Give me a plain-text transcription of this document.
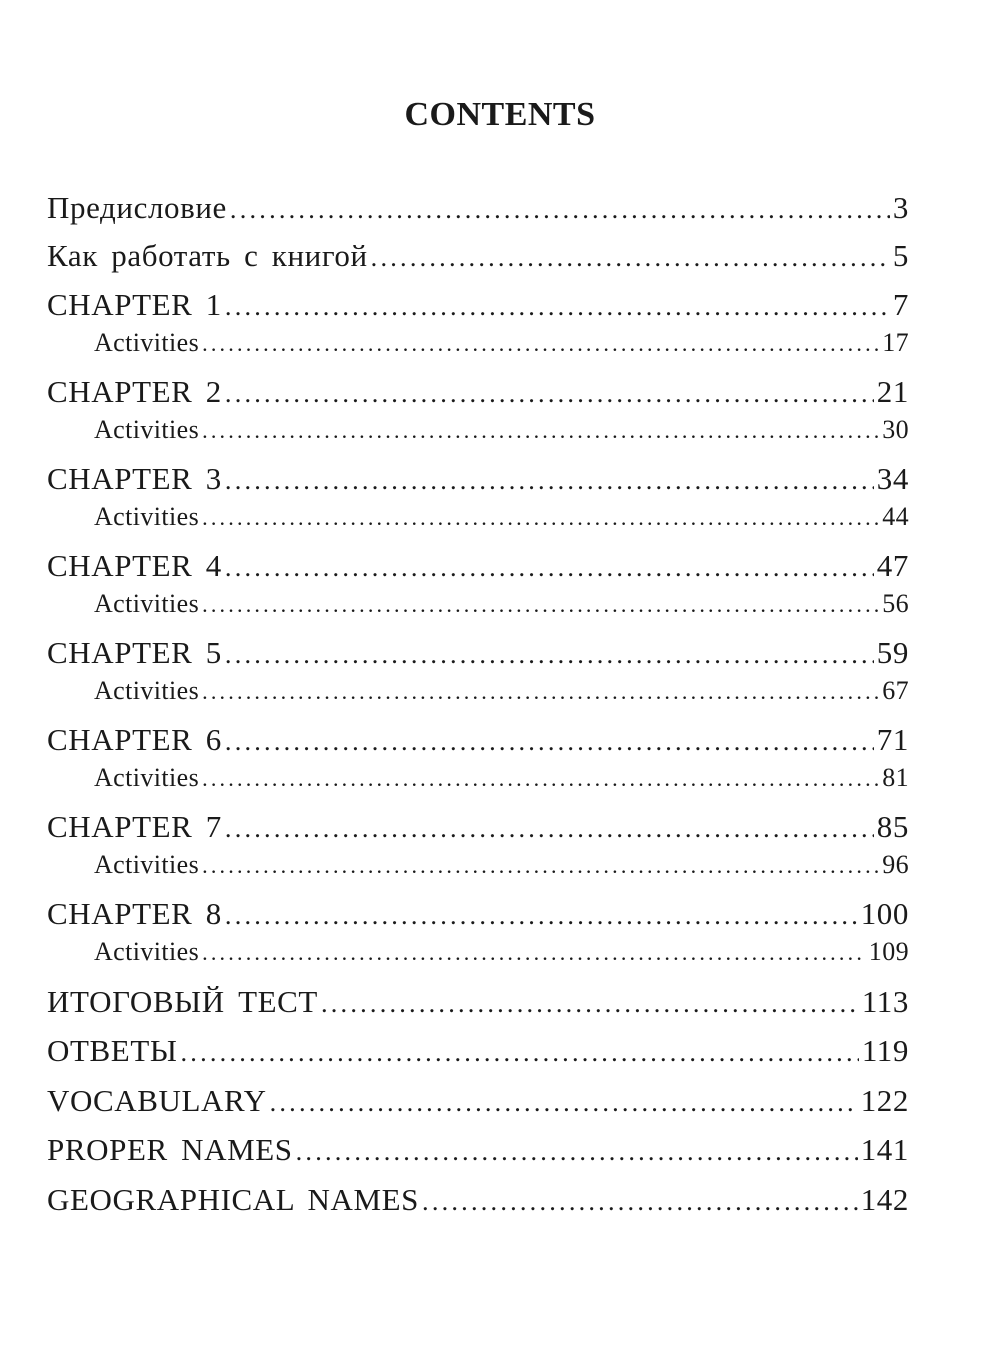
CONTENTS
Предисловие .....	3
Как работать с книгой .....	5
CHAPTER 1 .....	7
Activities .....	17
CHAPTER 2 .....	21
Activities .....	30
CHAPTER 3 .....	34
Activities .....	44
CHAPTER 4 .....	47
Activities .....	56
CHAPTER 5 .....	59
Activities .....	67
CHAPTER 6 .....	71
Activities .....	81
CHAPTER 7 .....	85
Activities .....	96
CHAPTER 8 .....	100
Activities .....	109
ИТОГОВЫЙ ТЕСТ .....	113
ОТВЕТЫ .....	119
VOCABULARY .....	122
PROPER NAMES .....	141
GEOGRAPHICAL NAMES .....	142
